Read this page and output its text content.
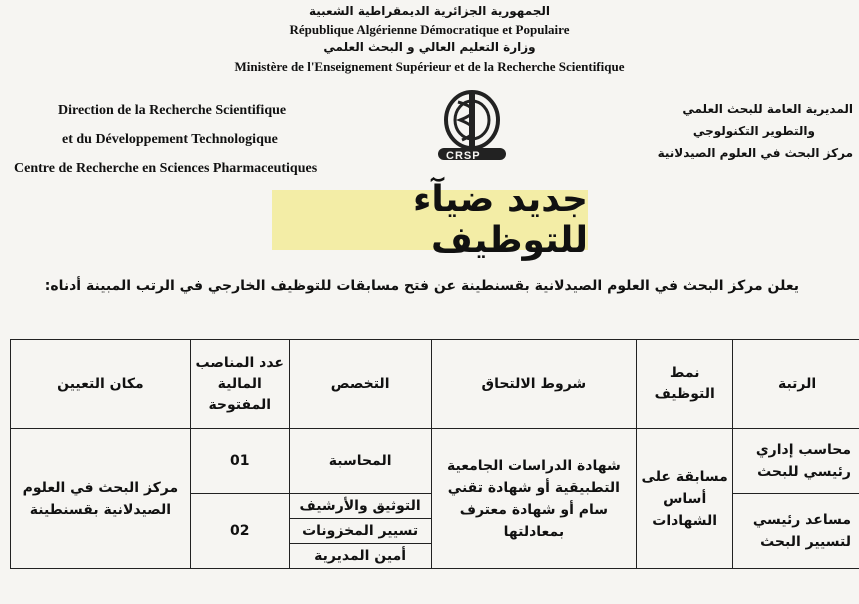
الجمهورية الجزائرية الديمقراطية الشعبية
République Algérienne Démocratique et Populaire
وزارة التعليم العالي و البحث العلمي
Ministère de l'Enseignement Supérieur et de la Recherche Scientifique
Direction de la Recherche Scientifique
et du Développement Technologique
Centre de Recherche en Sciences Pharmaceutiques
المديرية العامة للبحث العلمي
والتطوير التكنولوجي
مركز البحث في العلوم الصيدلانية
CRSP
جديد ضيآء للتوظيف
يعلن مركز البحث في العلوم الصيدلانية بقسنطينة عن فتح مسابقات للتوظيف الخارجي في الرتب المبينة أدناه:
الرتبة	نمط التوظيف	شروط الالتحاق	التخصص	عدد المناصب المالية المفتوحة	مكان التعيين
محاسب إداري رئيسي للبحث	مسابقة على أساس الشهادات	شهادة الدراسات الجامعية التطبيقية أو شهادة تقني سام أو شهادة معترف بمعادلتها	المحاسبة	01	مركز البحث في العلوم الصيدلانية بقسنطينة
مساعد رئيسي لتسيير البحث			التوثيق والأرشيف	02	
			تسيير المخزونات		
			أمين المديرية		
